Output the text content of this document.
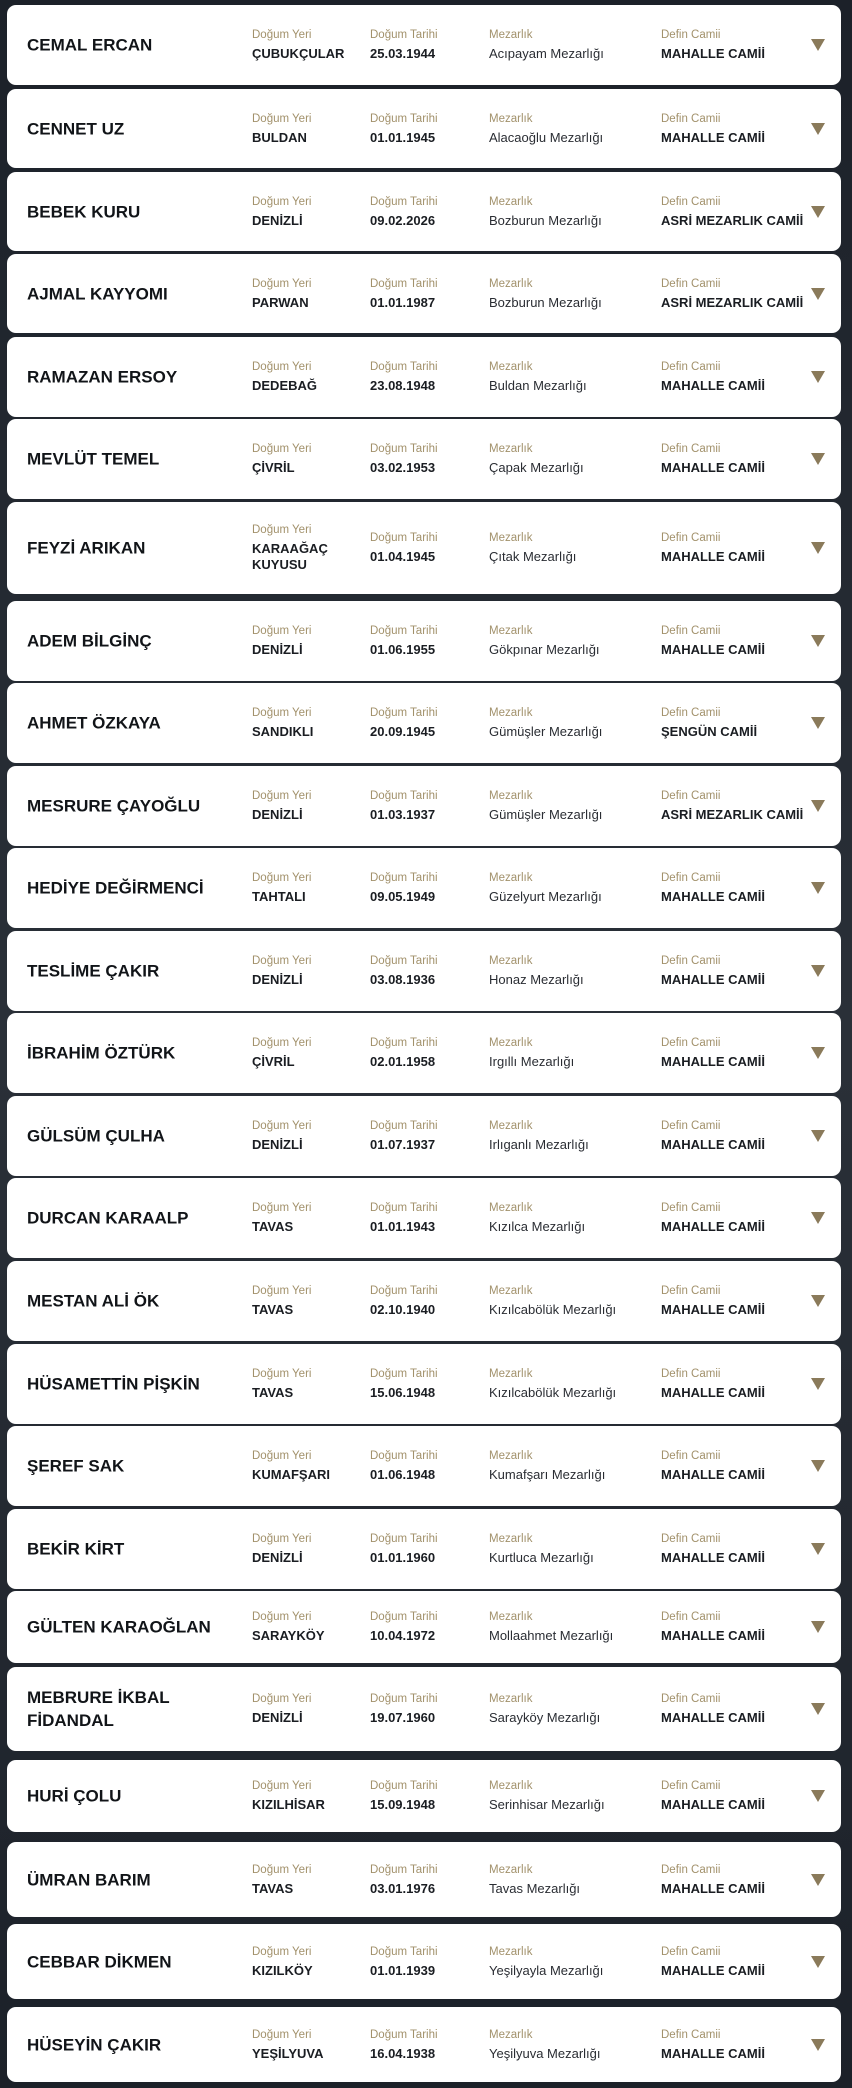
CEMAL ERCAN
Doğum Yeri
ÇUBUKÇULAR
Doğum Tarihi
25.03.1944
Mezarlık
Acıpayam Mezarlığı
Defin Camii
MAHALLE CAMİİ
CENNET UZ
Doğum Yeri
BULDAN
Doğum Tarihi
01.01.1945
Mezarlık
Alacaoğlu Mezarlığı
Defin Camii
MAHALLE CAMİİ
BEBEK KURU
Doğum Yeri
DENİZLİ
Doğum Tarihi
09.02.2026
Mezarlık
Bozburun Mezarlığı
Defin Camii
ASRİ MEZARLIK CAMİİ
AJMAL KAYYOMI
Doğum Yeri
PARWAN
Doğum Tarihi
01.01.1987
Mezarlık
Bozburun Mezarlığı
Defin Camii
ASRİ MEZARLIK CAMİİ
RAMAZAN ERSOY
Doğum Yeri
DEDEBAĞ
Doğum Tarihi
23.08.1948
Mezarlık
Buldan Mezarlığı
Defin Camii
MAHALLE CAMİİ
MEVLÜT TEMEL
Doğum Yeri
ÇİVRİL
Doğum Tarihi
03.02.1953
Mezarlık
Çapak Mezarlığı
Defin Camii
MAHALLE CAMİİ
FEYZİ ARIKAN
Doğum Yeri
KARAAĞAÇ KUYUSU
Doğum Tarihi
01.04.1945
Mezarlık
Çıtak Mezarlığı
Defin Camii
MAHALLE CAMİİ
ADEM BİLGİNÇ
Doğum Yeri
DENİZLİ
Doğum Tarihi
01.06.1955
Mezarlık
Gökpınar Mezarlığı
Defin Camii
MAHALLE CAMİİ
AHMET ÖZKAYA
Doğum Yeri
SANDIKLI
Doğum Tarihi
20.09.1945
Mezarlık
Gümüşler Mezarlığı
Defin Camii
ŞENGÜN CAMİİ
MESRURE ÇAYOĞLU
Doğum Yeri
DENİZLİ
Doğum Tarihi
01.03.1937
Mezarlık
Gümüşler Mezarlığı
Defin Camii
ASRİ MEZARLIK CAMİİ
HEDİYE DEĞİRMENCİ
Doğum Yeri
TAHTALI
Doğum Tarihi
09.05.1949
Mezarlık
Güzelyurt Mezarlığı
Defin Camii
MAHALLE CAMİİ
TESLİME ÇAKIR
Doğum Yeri
DENİZLİ
Doğum Tarihi
03.08.1936
Mezarlık
Honaz Mezarlığı
Defin Camii
MAHALLE CAMİİ
İBRAHİM ÖZTÜRK
Doğum Yeri
ÇİVRİL
Doğum Tarihi
02.01.1958
Mezarlık
Irgıllı Mezarlığı
Defin Camii
MAHALLE CAMİİ
GÜLSÜM ÇULHA
Doğum Yeri
DENİZLİ
Doğum Tarihi
01.07.1937
Mezarlık
Irlıganlı Mezarlığı
Defin Camii
MAHALLE CAMİİ
DURCAN KARAALP
Doğum Yeri
TAVAS
Doğum Tarihi
01.01.1943
Mezarlık
Kızılca Mezarlığı
Defin Camii
MAHALLE CAMİİ
MESTAN ALİ ÖK
Doğum Yeri
TAVAS
Doğum Tarihi
02.10.1940
Mezarlık
Kızılcabölük Mezarlığı
Defin Camii
MAHALLE CAMİİ
HÜSAMETTİN PİŞKİN
Doğum Yeri
TAVAS
Doğum Tarihi
15.06.1948
Mezarlık
Kızılcabölük Mezarlığı
Defin Camii
MAHALLE CAMİİ
ŞEREF SAK
Doğum Yeri
KUMAFŞARI
Doğum Tarihi
01.06.1948
Mezarlık
Kumafşarı Mezarlığı
Defin Camii
MAHALLE CAMİİ
BEKİR KİRT
Doğum Yeri
DENİZLİ
Doğum Tarihi
01.01.1960
Mezarlık
Kurtluca Mezarlığı
Defin Camii
MAHALLE CAMİİ
GÜLTEN KARAOĞLAN
Doğum Yeri
SARAYKÖY
Doğum Tarihi
10.04.1972
Mezarlık
Mollaahmet Mezarlığı
Defin Camii
MAHALLE CAMİİ
MEBRURE İKBAL FİDANDAL
Doğum Yeri
DENİZLİ
Doğum Tarihi
19.07.1960
Mezarlık
Sarayköy Mezarlığı
Defin Camii
MAHALLE CAMİİ
HURİ ÇOLU
Doğum Yeri
KIZILHİSAR
Doğum Tarihi
15.09.1948
Mezarlık
Serinhisar Mezarlığı
Defin Camii
MAHALLE CAMİİ
ÜMRAN BARIM
Doğum Yeri
TAVAS
Doğum Tarihi
03.01.1976
Mezarlık
Tavas Mezarlığı
Defin Camii
MAHALLE CAMİİ
CEBBAR DİKMEN
Doğum Yeri
KIZILKÖY
Doğum Tarihi
01.01.1939
Mezarlık
Yeşilyayla Mezarlığı
Defin Camii
MAHALLE CAMİİ
HÜSEYİN ÇAKIR
Doğum Yeri
YEŞİLYUVA
Doğum Tarihi
16.04.1938
Mezarlık
Yeşilyuva Mezarlığı
Defin Camii
MAHALLE CAMİİ
